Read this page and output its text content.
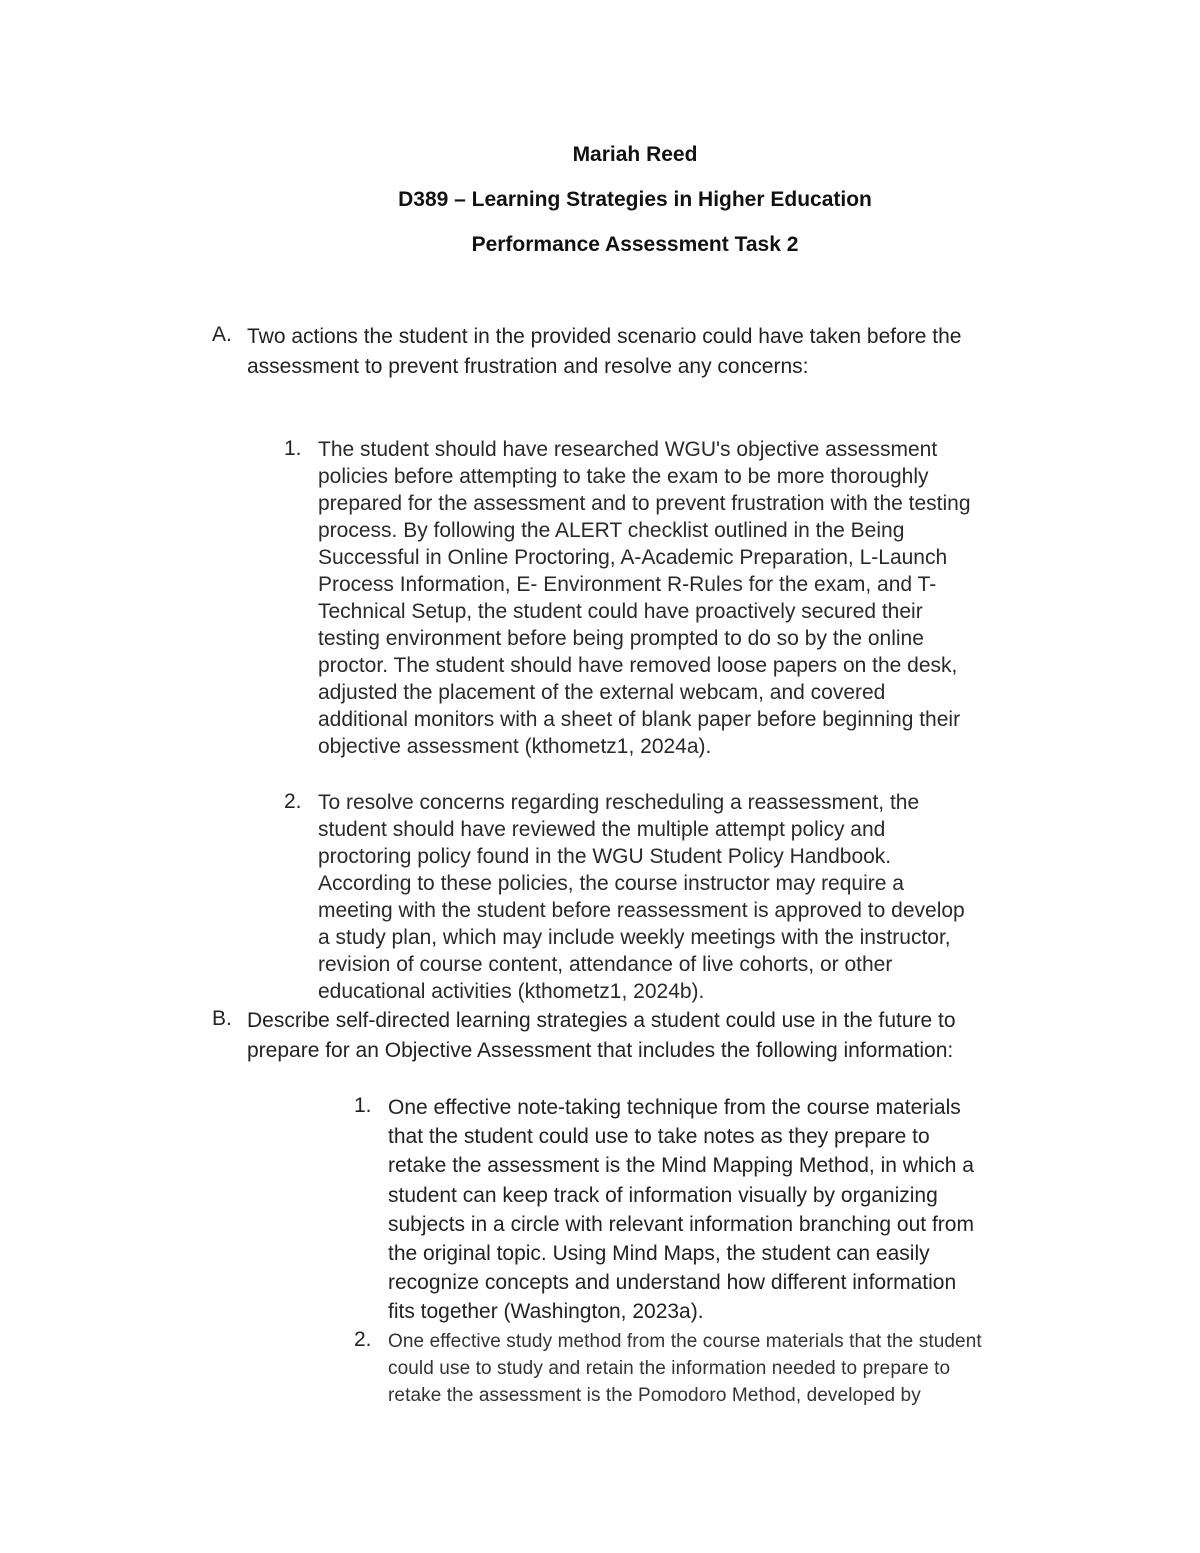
Mariah Reed
D389 – Learning Strategies in Higher Education
Performance Assessment Task 2
A. Two actions the student in the provided scenario could have taken before the
assessment to prevent frustration and resolve any concerns:
1. The student should have researched WGU's objective assessment
policies before attempting to take the exam to be more thoroughly
prepared for the assessment and to prevent frustration with the testing
process. By following the ALERT checklist outlined in the Being
Successful in Online Proctoring, A-Academic Preparation, L-Launch
Process Information, E- Environment R-Rules for the exam, and T-
Technical Setup, the student could have proactively secured their
testing environment before being prompted to do so by the online
proctor. The student should have removed loose papers on the desk,
adjusted the placement of the external webcam, and covered
additional monitors with a sheet of blank paper before beginning their
objective assessment (kthometz1, 2024a).
2. To resolve concerns regarding rescheduling a reassessment, the
student should have reviewed the multiple attempt policy and
proctoring policy found in the WGU Student Policy Handbook.
According to these policies, the course instructor may require a
meeting with the student before reassessment is approved to develop
a study plan, which may include weekly meetings with the instructor,
revision of course content, attendance of live cohorts, or other
educational activities (kthometz1, 2024b).
B. Describe self-directed learning strategies a student could use in the future to
prepare for an Objective Assessment that includes the following information:
1. One effective note-taking technique from the course materials
that the student could use to take notes as they prepare to
retake the assessment is the Mind Mapping Method, in which a
student can keep track of information visually by organizing
subjects in a circle with relevant information branching out from
the original topic. Using Mind Maps, the student can easily
recognize concepts and understand how different information
fits together (Washington, 2023a).
2. One effective study method from the course materials that the student
could use to study and retain the information needed to prepare to
retake the assessment is the Pomodoro Method, developed by
